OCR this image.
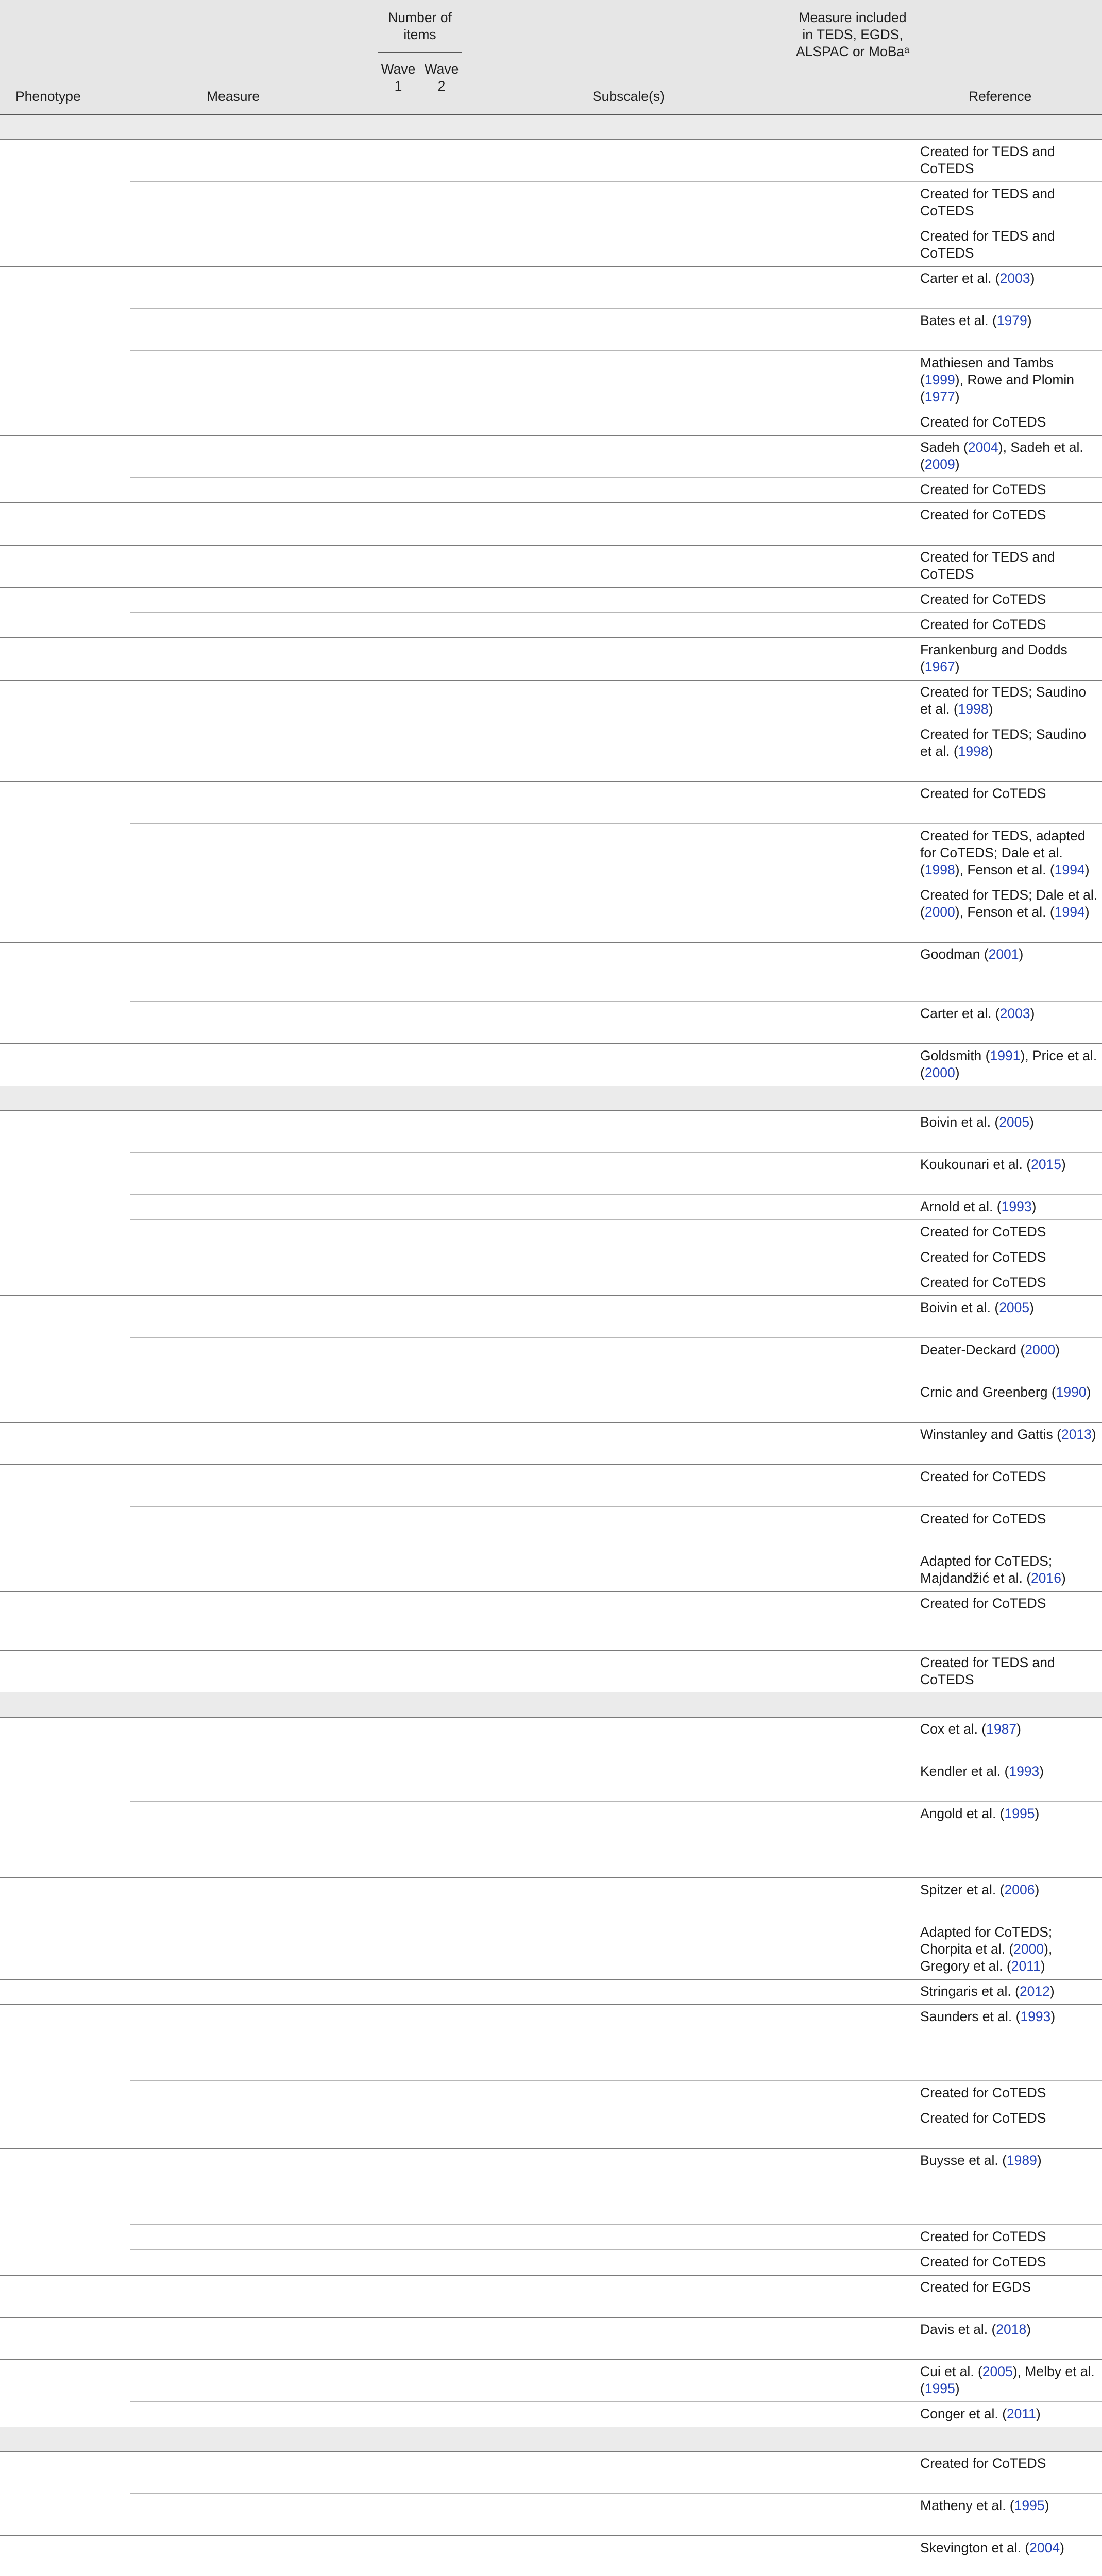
Phenotype	Measure
Number of items
Wave 1
Wave 2
Subscale(s)
Measure included in TEDS, EGDS, ALSPAC or MoBaᵃ
Reference
Created for TEDS and CoTEDS
Created for TEDS and CoTEDS
Created for TEDS and CoTEDS
Carter et al. (2003)
Bates et al. (1979)
Mathiesen and Tambs (1999), Rowe and Plomin (1977)
Created for CoTEDS
Sadeh (2004), Sadeh et al. (2009)
Created for CoTEDS
Created for CoTEDS
Created for TEDS and CoTEDS
Created for CoTEDS
Created for CoTEDS
Frankenburg and Dodds (1967)
Created for TEDS; Saudino et al. (1998)
Created for TEDS; Saudino et al. (1998)
Created for CoTEDS
Created for TEDS, adapted for CoTEDS; Dale et al. (1998), Fenson et al. (1994)
Created for TEDS; Dale et al. (2000), Fenson et al. (1994)
Goodman (2001)
Carter et al. (2003)
Goldsmith (1991), Price et al. (2000)
Boivin et al. (2005)
Koukounari et al. (2015)
Arnold et al. (1993)
Created for CoTEDS
Created for CoTEDS
Created for CoTEDS
Boivin et al. (2005)
Deater-Deckard (2000)
Crnic and Greenberg (1990)
Winstanley and Gattis (2013)
Created for CoTEDS
Created for CoTEDS
Adapted for CoTEDS; Majdandžić et al. (2016)
Created for CoTEDS
Created for TEDS and CoTEDS
Cox et al. (1987)
Kendler et al. (1993)
Angold et al. (1995)
Spitzer et al. (2006)
Adapted for CoTEDS; Chorpita et al. (2000), Gregory et al. (2011)
Stringaris et al. (2012)
Saunders et al. (1993)
Created for CoTEDS
Created for CoTEDS
Buysse et al. (1989)
Created for CoTEDS
Created for CoTEDS
Created for EGDS
Davis et al. (2018)
Cui et al. (2005), Melby et al. (1995)
Conger et al. (2011)
Created for CoTEDS
Matheny et al. (1995)
Skevington et al. (2004)
